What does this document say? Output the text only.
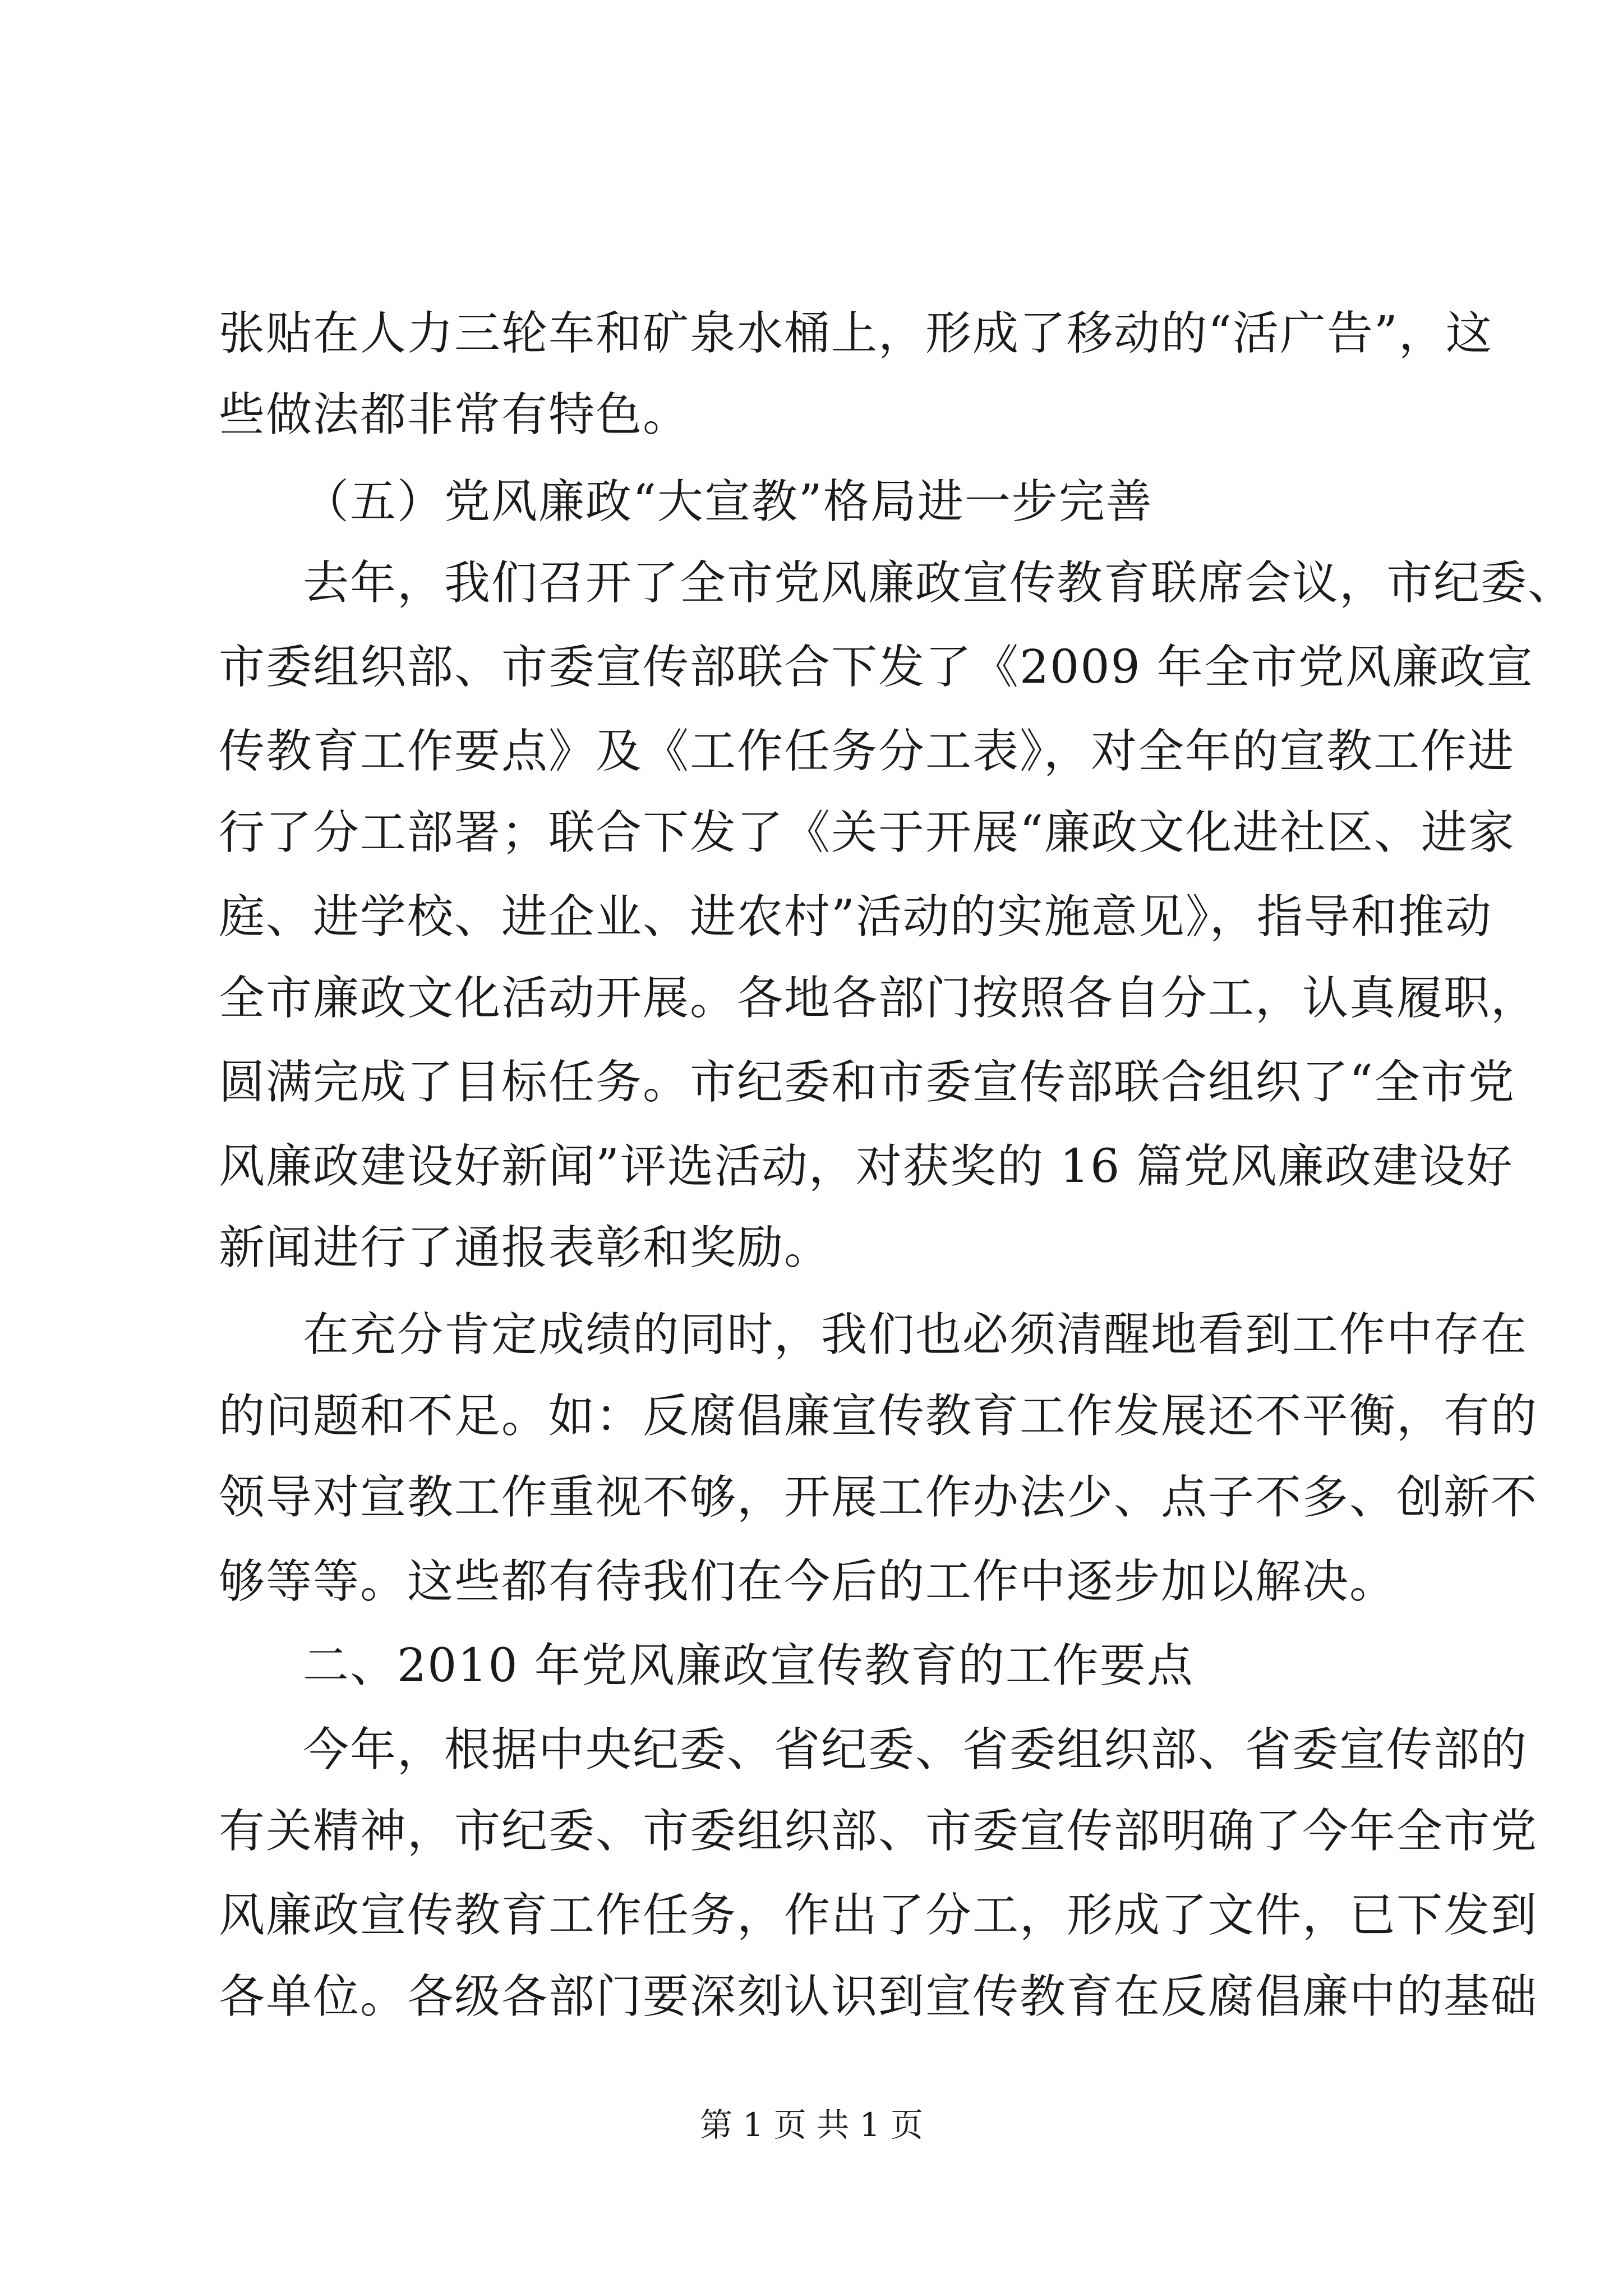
张贴在人力三轮车和矿泉水桶上，形成了移动的“活广告”，这

些做法都非常有特色。

（五）党风廉政“大宣教”格局进一步完善

去年，我们召开了全市党风廉政宣传教育联席会议，市纪委、

市委组织部、市委宣传部联合下发了《2009 年全市党风廉政宣

传教育工作要点》及《工作任务分工表》，对全年的宣教工作进

行了分工部署；联合下发了《关于开展“廉政文化进社区、进家

庭、进学校、进企业、进农村”活动的实施意见》，指导和推动

全市廉政文化活动开展。各地各部门按照各自分工，认真履职，

圆满完成了目标任务。市纪委和市委宣传部联合组织了“全市党

风廉政建设好新闻”评选活动，对获奖的 16 篇党风廉政建设好

新闻进行了通报表彰和奖励。

在充分肯定成绩的同时，我们也必须清醒地看到工作中存在

的问题和不足。如：反腐倡廉宣传教育工作发展还不平衡，有的

领导对宣教工作重视不够，开展工作办法少、点子不多、创新不

够等等。这些都有待我们在今后的工作中逐步加以解决。

二、2010 年党风廉政宣传教育的工作要点

今年，根据中央纪委、省纪委、省委组织部、省委宣传部的

有关精神，市纪委、市委组织部、市委宣传部明确了今年全市党

风廉政宣传教育工作任务，作出了分工，形成了文件，已下发到

各单位。各级各部门要深刻认识到宣传教育在反腐倡廉中的基础

第 1 页 共 1 页
